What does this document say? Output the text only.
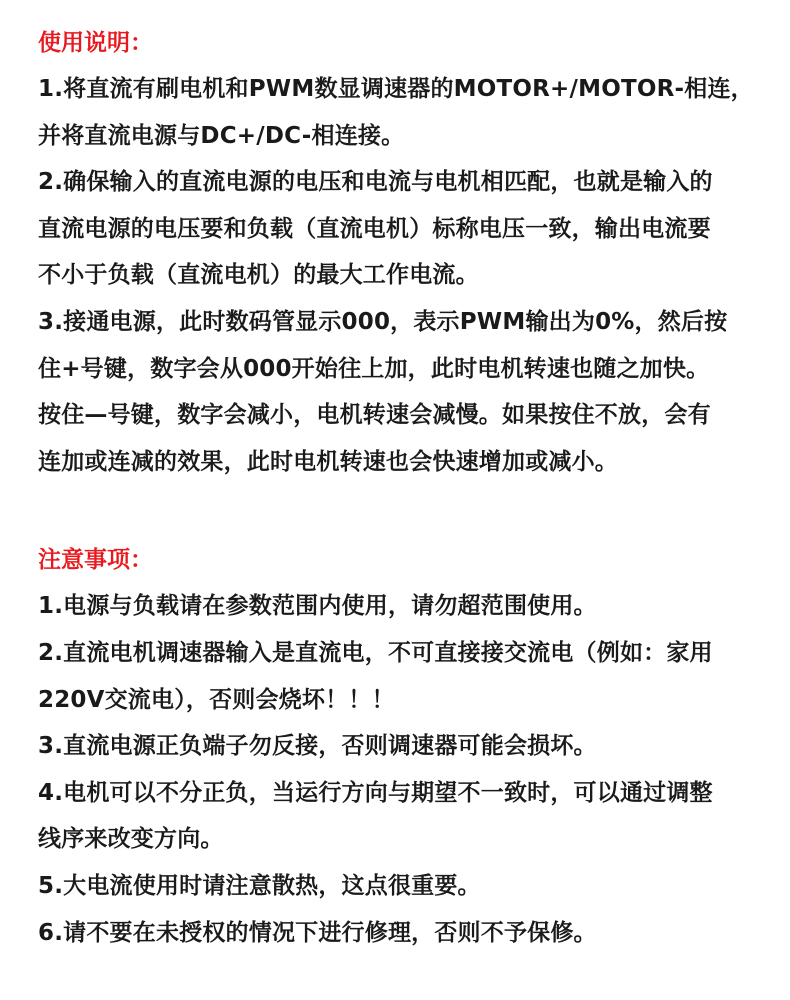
使用说明：
1.将直流有刷电机和PWM数显调速器的MOTOR+/MOTOR-相连，
并将直流电源与DC+/DC-相连接。
2.确保输入的直流电源的电压和电流与电机相匹配，也就是输入的
直流电源的电压要和负载（直流电机）标称电压一致，输出电流要
不小于负载（直流电机）的最大工作电流。
3.接通电源，此时数码管显示000，表示PWM输出为0%，然后按
住+号键，数字会从000开始往上加，此时电机转速也随之加快。
按住—号键，数字会减小，电机转速会减慢。如果按住不放，会有
连加或连减的效果，此时电机转速也会快速增加或减小。
注意事项：
1.电源与负载请在参数范围内使用，请勿超范围使用。
2.直流电机调速器输入是直流电，不可直接接交流电（例如：家用
220V交流电），否则会烧坏！！！
3.直流电源正负端子勿反接，否则调速器可能会损坏。
4.电机可以不分正负，当运行方向与期望不一致时，可以通过调整
线序来改变方向。
5.大电流使用时请注意散热，这点很重要。
6.请不要在未授权的情况下进行修理，否则不予保修。
